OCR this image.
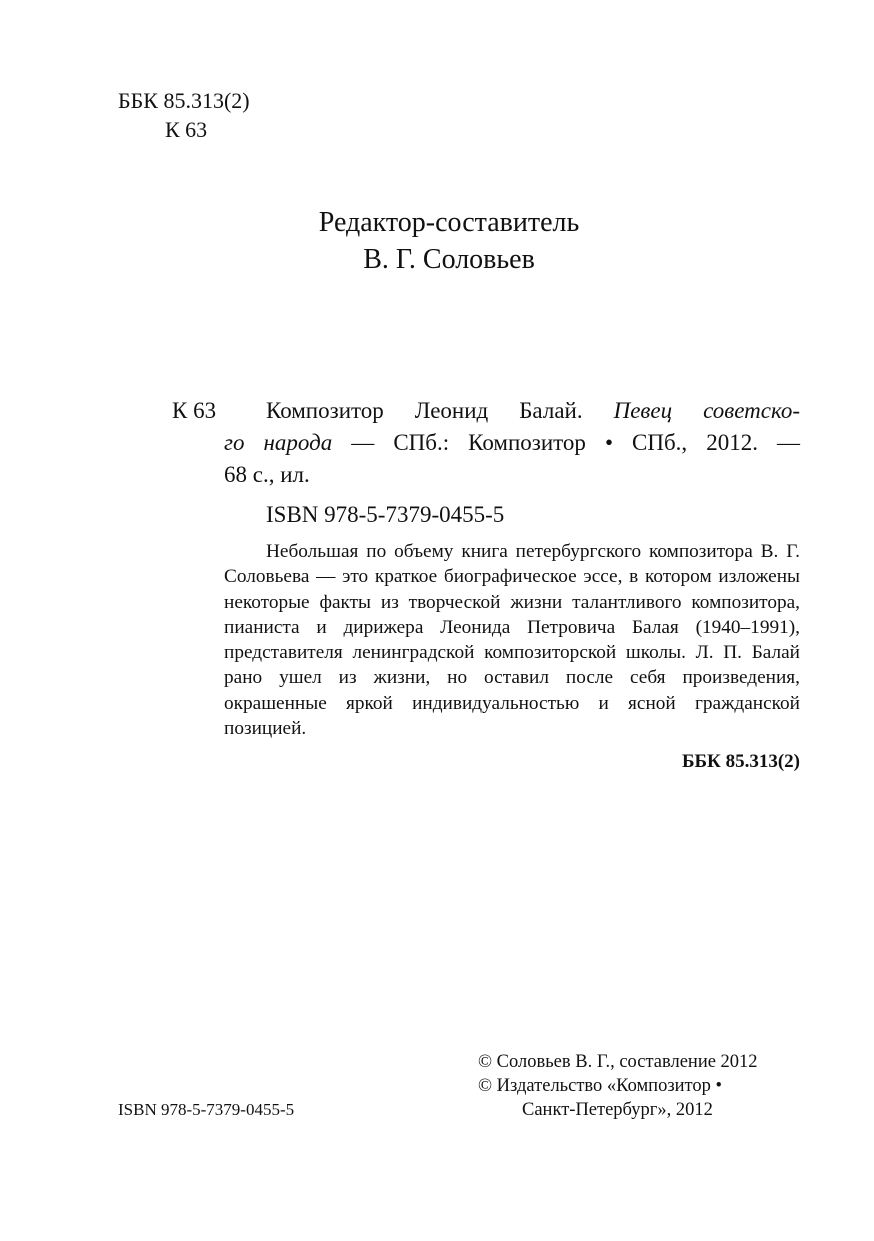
ББК 85.313(2)
К 63
Редактор-составитель
В. Г. Соловьев
К 63	Композитор Леонид Балай. Певец советско-
го народа — СПб.: Композитор • СПб., 2012. —
68 с., ил.
ISBN 978-5-7379-0455-5

Небольшая по объему книга петербургского композитора В. Г. Соловьева — это краткое биографическое эссе, в котором изложены некоторые факты из творческой жизни талантливого композитора, пианиста и дирижера Леонида Петровича Балая (1940–1991), представителя ленинградской композиторской школы. Л. П. Балай рано ушел из жизни, но оставил после себя произведения, окрашенные яркой индивидуальностью и ясной гражданской позицией.

ББК 85.313(2)
© Соловьев В. Г., составление 2012
© Издательство «Композитор •
Санкт-Петербург», 2012
ISBN 978-5-7379-0455-5
